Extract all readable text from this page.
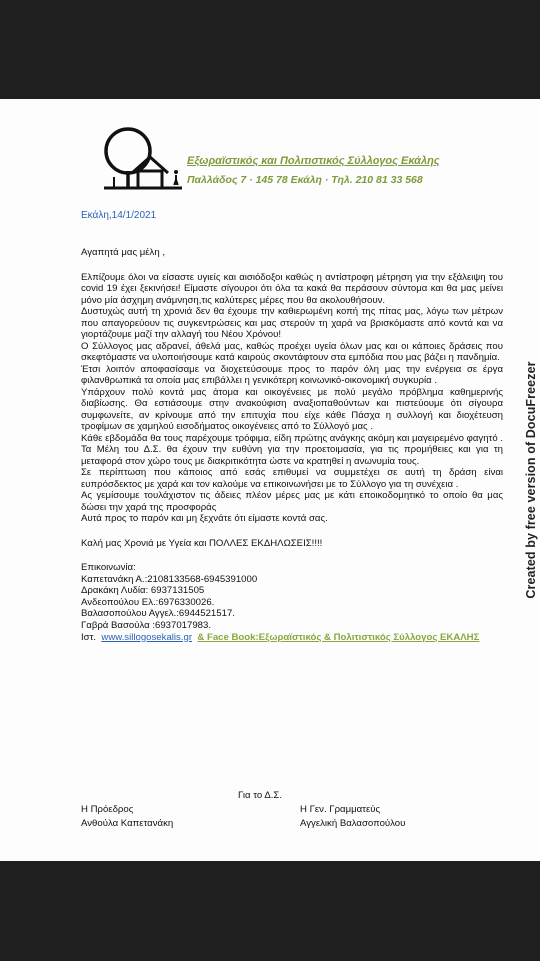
Εξωραϊστικός και Πολιτιστικός Σύλλογος Εκάλης
Παλλάδος 7 · 145 78 Εκάλη · Τηλ. 210 81 33 568
Εκάλη,14/1/2021

Αγαπητά μας μέλη ,

Ελπίζουμε όλοι να είσαστε υγιείς και αισιόδοξοι καθώς η αντίστροφη μέτρηση για την εξάλειψη του covid 19 έχει ξεκινήσει! Είμαστε σίγουροι ότι όλα τα κακά θα περάσουν σύντομα και θα μας μείνει μόνο μία άσχημη ανάμνηση,τις καλύτερες μέρες που θα ακολουθήσουν.

Δυστυχώς αυτή τη χρονιά δεν θα έχουμε την καθιερωμένη κοπή της πίτας μας, λόγω των μέτρων που απαγορεύουν τις συγκεντρώσεις και μας στερούν τη χαρά να βρισκόμαστε από κοντά και να γιορτάζουμε μαζί την αλλαγή του Νέου Χρόνου!

Ο Σύλλογος μας αδρανεί, άθελά μας, καθώς προέχει υγεία όλων μας και οι κάποιες δράσεις που σκεφτόμαστε να υλοποιήσουμε κατά καιρούς σκοντάφτουν στα εμπόδια που μας βάζει η πανδημία.

Έτσι λοιπόν αποφασίσαμε να διοχετεύσουμε προς το παρόν όλη μας την ενέργεια σε έργα φιλανθρωπικά τα οποία μας επιβάλλει η γενικότερη κοινωνικό-οικονομική συγκυρία .

Υπάρχουν πολύ κοντά μας άτομα και οικογένειες με πολύ μεγάλο πρόβλημα καθημερινής διαβίωσης. Θα εστιάσουμε στην ανακούφιση αναξιοπαθούντων και πιστεύουμε ότι σίγουρα συμφωνείτε, αν κρίνουμε από την επιτυχία που είχε κάθε Πάσχα η συλλογή και διοχέτευση τροφίμων σε χαμηλού εισοδήματος οικογένειες από το Σύλλογό μας .

Κάθε εβδομάδα θα τους παρέχουμε τρόφιμα, είδη πρώτης ανάγκης ακόμη και μαγειρεμένο φαγητό .

Τα Μέλη του Δ.Σ. θα έχουν την ευθύνη για την προετοιμασία, για τις προμήθειες και για τη μεταφορά στον χώρο τους με διακριτικότητα ώστε να κρατηθεί η ανωνυμία τους.

Σε περίπτωση που κάποιος από εσάς επιθυμεί να συμμετέχει σε αυτή τη δράση είναι ευπρόσδεκτος με χαρά και τον καλούμε να επικοινωνήσει με το Σύλλογο για τη συνέχεια .

Ας γεμίσουμε τουλάχιστον τις άδειες πλέον μέρες μας με κάτι εποικοδομητικό το οποίο θα μας δώσει την χαρά της προσφοράς

Αυτά προς το παρόν και μη ξεχνάτε ότι είμαστε κοντά σας.

Καλή μας Χρονιά με Υγεία και ΠΟΛΛΕΣ ΕΚΔΗΛΩΣΕΙΣ!!!!

Επικοινωνία:
Καπετανάκη Α.:2108133568-6945391000
Δρακάκη Λυδία: 6937131505
Ανδεοπούλου Ελ.:6976330026.
Βαλασοπούλου Αγγελ.:6944521517.
Γαβρά Βασούλα :6937017983.
Ιστ. www.sillogosekalis.gr & Face Book:Εξωραϊστικός & Πολιτιστικός Σύλλογος ΕΚΑΛΗΣ
Για το Δ.Σ.
Η Πρόεδρος
Ανθούλα Καπετανάκη
Η Γεν. Γραμματεύς
Αγγελική Βαλασοπούλου
Created by free version of DocuFreezer
